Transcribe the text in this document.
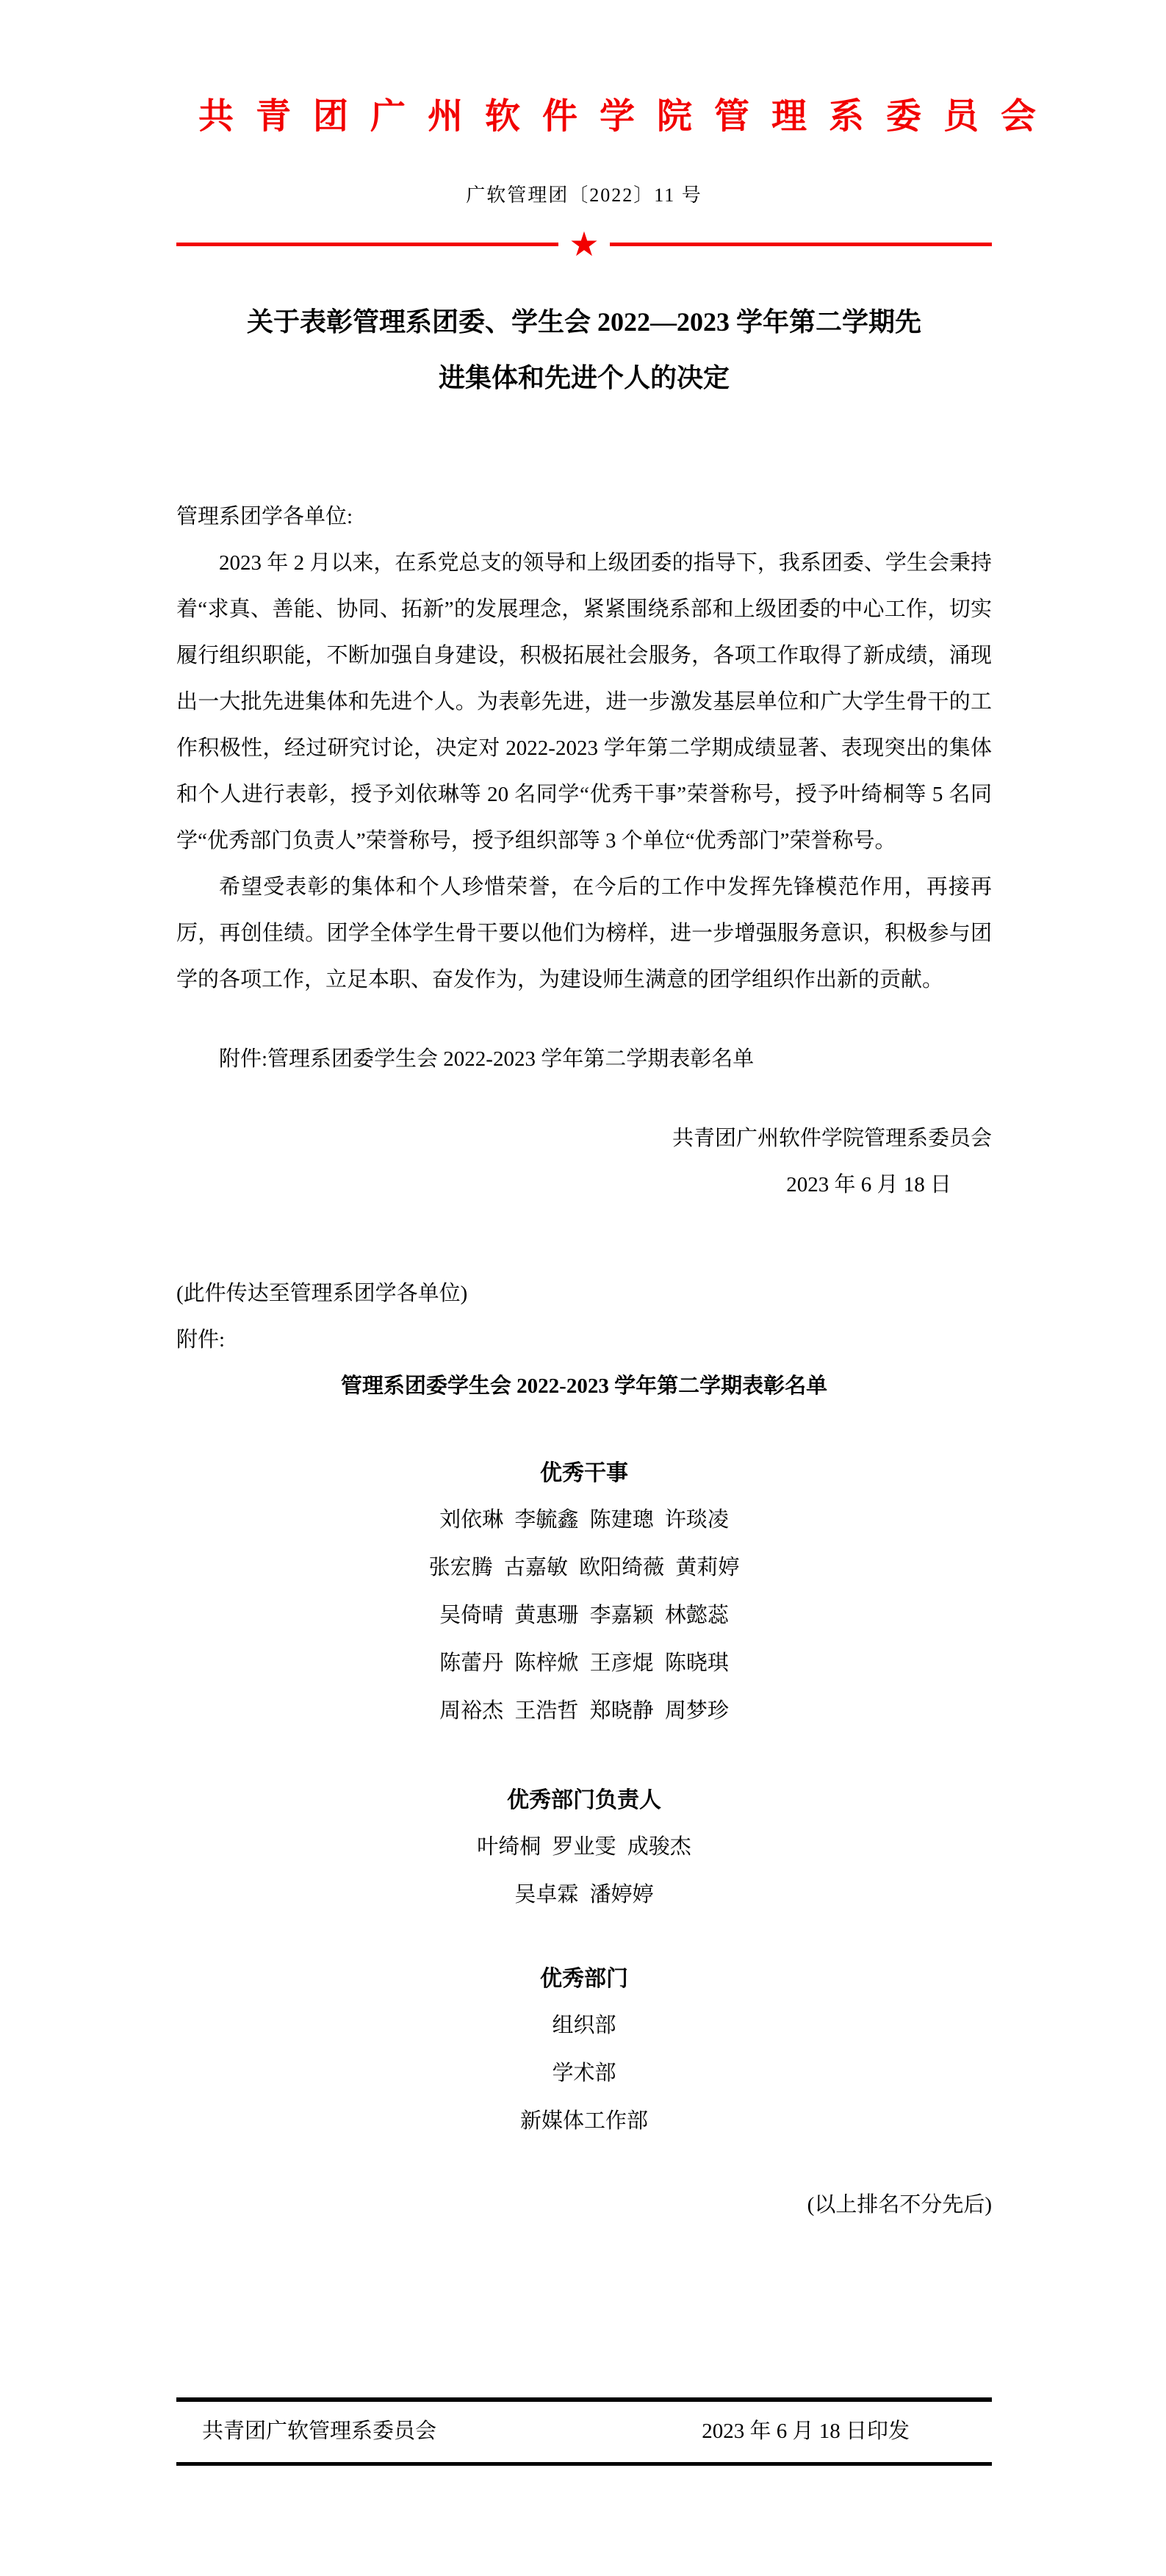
共青团广州软件学院管理系委员会
广软管理团〔2022〕11 号
★
关于表彰管理系团委、学生会 2022—2023 学年第二学期先
进集体和先进个人的决定

管理系团学各单位:

2023 年 2 月以来，在系党总支的领导和上级团委的指导下，我系团委、学生会秉持着“求真、善能、协同、拓新”的发展理念，紧紧围绕系部和上级团委的中心工作，切实履行组织职能，不断加强自身建设，积极拓展社会服务，各项工作取得了新成绩，涌现出一大批先进集体和先进个人。为表彰先进，进一步激发基层单位和广大学生骨干的工作积极性，经过研究讨论，决定对 2022-2023 学年第二学期成绩显著、表现突出的集体和个人进行表彰，授予刘依琳等 20 名同学“优秀干事”荣誉称号，授予叶绮桐等 5 名同学“优秀部门负责人”荣誉称号，授予组织部等 3 个单位“优秀部门”荣誉称号。

希望受表彰的集体和个人珍惜荣誉，在今后的工作中发挥先锋模范作用，再接再厉，再创佳绩。团学全体学生骨干要以他们为榜样，进一步增强服务意识，积极参与团学的各项工作，立足本职、奋发作为，为建设师生满意的团学组织作出新的贡献。

附件:管理系团委学生会 2022-2023 学年第二学期表彰名单
共青团广州软件学院管理系委员会
2023 年 6 月 18 日
(此件传达至管理系团学各单位)
附件:
管理系团委学生会 2022-2023 学年第二学期表彰名单
优秀干事
刘依琳 李毓鑫 陈建璁 许琰凌
张宏腾 古嘉敏 欧阳绮薇 黄莉婷
吴倚晴 黄惠珊 李嘉颖 林懿蕊
陈蕾丹 陈梓焮 王彦焜 陈晓琪
周裕杰 王浩哲 郑晓静 周梦珍
优秀部门负责人
叶绮桐 罗业雯 成骏杰
吴卓霖 潘婷婷
优秀部门
组织部
学术部
新媒体工作部
(以上排名不分先后)
共青团广软管理系委员会	2023 年 6 月 18 日印发
